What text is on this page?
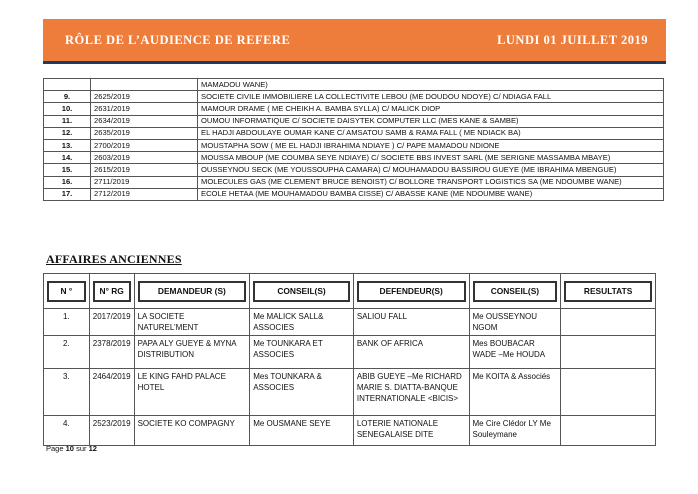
RÔLE DE L’AUDIENCE DE REFERE	LUNDI 01 JUILLET 2019
		MAMADOU WANE)
9.	2625/2019	SOCIETE CIVILE IMMOBILIERE LA COLLECTIVITE LEBOU (ME DOUDOU NDOYE) C/ NDIAGA FALL
10.	2631/2019	MAMOUR DRAME ( ME CHEIKH A. BAMBA SYLLA) C/ MALICK DIOP
11.	2634/2019	OUMOU INFORMATIQUE C/ SOCIETE DAISYTEK COMPUTER LLC (MES KANE & SAMBE)
12.	2635/2019	EL HADJI ABDOULAYE OUMAR KANE C/ AMSATOU SAMB & RAMA FALL ( ME NDIACK BA)
13.	2700/2019	MOUSTAPHA SOW ( ME EL HADJI IBRAHIMA NDIAYE ) C/ PAPE MAMADOU NDIONE
14.	2603/2019	MOUSSA MBOUP (ME COUMBA SEYE NDIAYE) C/ SOCIETE BBS INVEST SARL (ME SERIGNE MASSAMBA MBAYE)
15.	2615/2019	OUSSEYNOU SECK (ME YOUSSOUPHA CAMARA) C/ MOUHAMADOU BASSIROU GUEYE (ME IBRAHIMA MBENGUE)
16.	2711/2019	MOLECULES GAS (ME CLEMENT BRUCE BENOIST) C/ BOLLORE TRANSPORT LOGISTICS SA (ME NDOUMBE WANE)
17.	2712/2019	ECOLE HETAA (ME MOUHAMADOU BAMBA CISSE) C/ ABASSE KANE (ME NDOUMBE WANE)
AFFAIRES ANCIENNES
N °	N° RG	DEMANDEUR (S)	CONSEIL(S)	DEFENDEUR(S)	CONSEIL(S)	RESULTATS

1.	2017/2019	LA SOCIETE NATUREL’MENT	Me MALICK SALL& ASSOCIES	SALIOU FALL	Me OUSSEYNOU NGOM	
2.	2378/2019	PAPA ALY GUEYE & MYNA DISTRIBUTION	Me TOUNKARA ET ASSOCIES	BANK OF AFRICA	Mes BOUBACAR WADE –Me HOUDA	
3.	2464/2019	LE KING FAHD PALACE HOTEL	Mes TOUNKARA & ASSOCIES	ABIB GUEYE –Me RICHARD MARIE S. DIATTA-BANQUE INTERNATIONALE <BICIS>	Me KOITA & Associés	
4.	2523/2019	SOCIETE KO COMPAGNY	Me OUSMANE SEYE	LOTERIE NATIONALE SENEGALAISE DITE	Me Cire Clédor LY Me Souleymane	
Page 10 sur 12
